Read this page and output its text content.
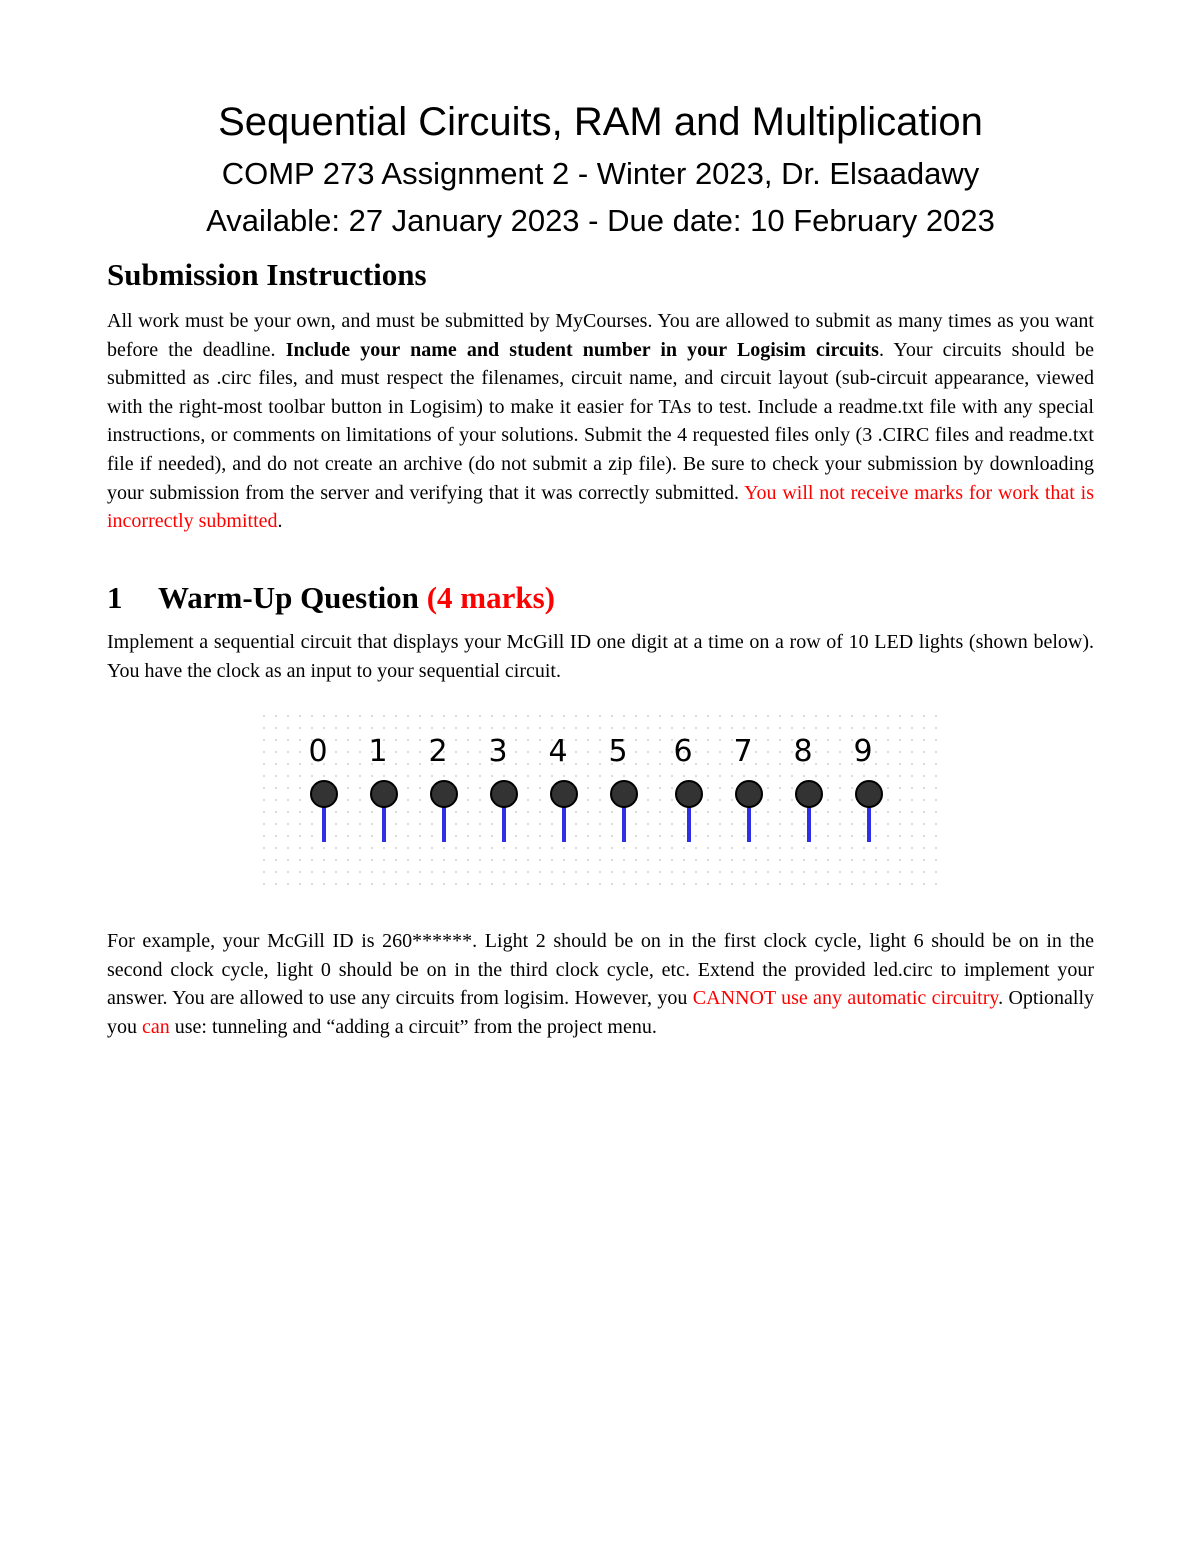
Sequential Circuits, RAM and Multiplication
COMP 273 Assignment 2 - Winter 2023, Dr. Elsaadawy
Available: 27 January 2023 - Due date: 10 February 2023
Submission Instructions
All work must be your own, and must be submitted by MyCourses. You are allowed to submit as many times as you want before the deadline. Include your name and student number in your Logisim circuits. Your circuits should be submitted as .circ files, and must respect the filenames, circuit name, and circuit layout (sub-circuit appearance, viewed with the right-most toolbar button in Logisim) to make it easier for TAs to test. Include a readme.txt file with any special instructions, or comments on limitations of your solutions. Submit the 4 requested files only (3 .CIRC files and readme.txt file if needed), and do not create an archive (do not submit a zip file). Be sure to check your submission by downloading your submission from the server and verifying that it was correctly submitted. You will not receive marks for work that is incorrectly submitted.
1 Warm-Up Question (4 marks)
Implement a sequential circuit that displays your McGill ID one digit at a time on a row of 10 LED lights (shown below). You have the clock as an input to your sequential circuit.
For example, your McGill ID is 260******. Light 2 should be on in the first clock cycle, light 6 should be on in the second clock cycle, light 0 should be on in the third clock cycle, etc. Extend the provided led.circ to implement your answer. You are allowed to use any circuits from logisim. However, you CANNOT use any automatic circuitry. Optionally you can use: tunneling and “adding a circuit” from the project menu.
0 1 2 3 4 5 6 7 8 9
